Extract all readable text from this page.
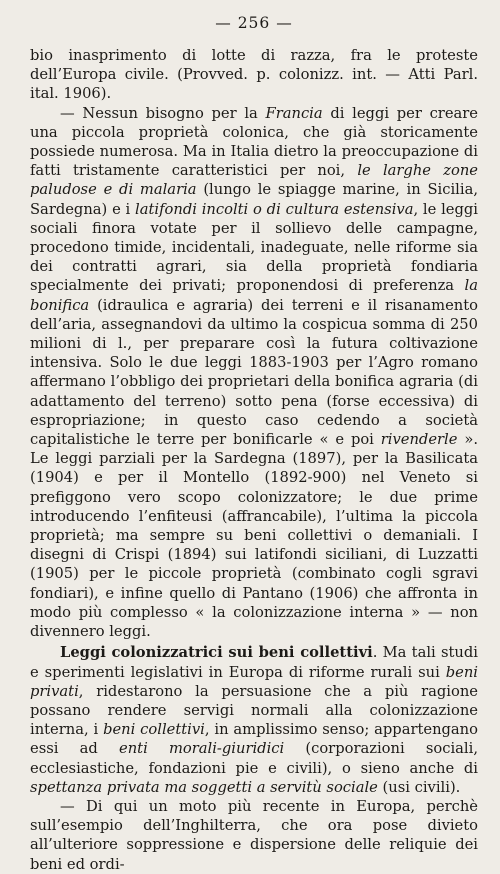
— 256 —

bio inasprimento di lotte di razza, fra le proteste dell’Europa civile. (Provved. p. colonizz. int. — Atti Parl. ital. 1906).

— Nessun bisogno per la Francia di leggi per creare una piccola proprietà colonica, che già storicamente possiede numerosa. Ma in Italia dietro la preoccupazione di fatti tristamente caratteristici per noi, le larghe zone paludose e di malaria (lungo le spiagge marine, in Sicilia, Sardegna) e i latifondi incolti o di cultura estensiva, le leggi sociali finora votate per il sollievo delle campagne, procedono timide, incidentali, inadeguate, nelle riforme sia dei contratti agrari, sia della proprietà fondiaria specialmente dei privati; proponendosi di preferenza la bonifica (idraulica e agraria) dei terreni e il risanamento dell’aria, assegnandovi da ultimo la cospicua somma di 250 milioni di l., per preparare così la futura coltivazione intensiva. Solo le due leggi 1883-1903 per l’Agro romano affermano l’obbligo dei proprietari della bonifica agraria (di adattamento del terreno) sotto pena (forse eccessiva) di espropriazione; in questo caso cedendo a società capitalistiche le terre per bonificarle « e poi rivenderle ». Le leggi parziali per la Sardegna (1897), per la Basilicata (1904) e per il Montello (1892-900) nel Veneto si prefiggono vero scopo colonizzatore; le due prime introducendo l’enfiteusi (affrancabile), l’ultima la piccola proprietà; ma sempre su beni collettivi o demaniali. I disegni di Crispi (1894) sui latifondi siciliani, di Luzzatti (1905) per le piccole proprietà (combinato cogli sgravi fondiari), e infine quello di Pantano (1906) che affronta in modo più complesso « la colonizzazione interna » — non divennero leggi.

Leggi colonizzatrici sui beni collettivi. Ma tali studi e sperimenti legislativi in Europa di riforme rurali sui beni privati, ridestarono la persuasione che a più ragione possano rendere servigi normali alla colonizzazione interna, i beni collettivi, in amplissimo senso; appartengano essi ad enti morali-giuridici (corporazioni sociali, ecclesiastiche, fondazioni pie e civili), o sieno anche di spettanza privata ma soggetti a servitù sociale (usi civili).

— Di qui un moto più recente in Europa, perchè sull’esempio dell’Inghilterra, che ora pose divieto all’ulteriore soppressione e dispersione delle reliquie dei beni ed ordi-
